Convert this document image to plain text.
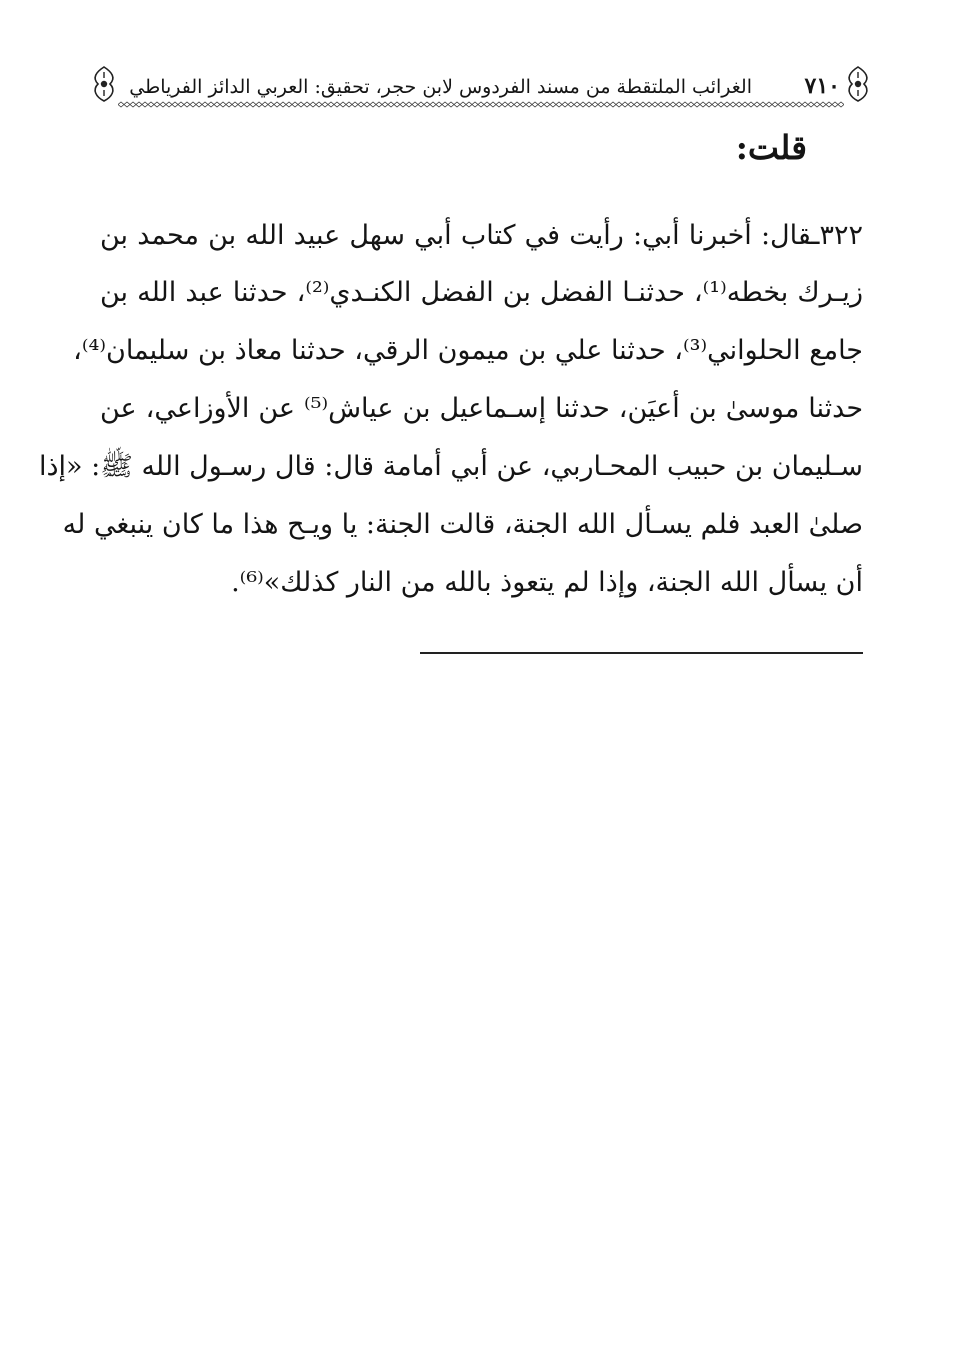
٧١٠
الغرائب الملتقطة من مسند الفردوس لابن حجر، تحقيق: العربي الدائز الفرياطي
قلت:
٣٢٢ـقال: أخبرنا أبي: رأيت في كتاب أبي سهل عبيد الله بن محمد بن
زيـرك بخطه⁽¹⁾، حدثنـا الفضل بن الفضل الكنـدي⁽²⁾، حدثنا عبد الله بن
جامع الحلواني⁽³⁾، حدثنا علي بن ميمون الرقي، حدثنا معاذ بن سليمان⁽⁴⁾،
حدثنا موسىٰ بن أعيَن، حدثنا إسـماعيل بن عياش⁽⁵⁾ عن الأوزاعي، عن
سـليمان بن حبيب المحـاربي، عن أبي أمامة قال: قال رسـول الله ﷺ: «إذا
صلىٰ العبد فلم يسـأل الله الجنة، قالت الجنة: يا ويـح هذا ما كان ينبغي له
أن يسأل الله الجنة، وإذا لم يتعوذ بالله من النار كذلك»⁽⁶⁾.
